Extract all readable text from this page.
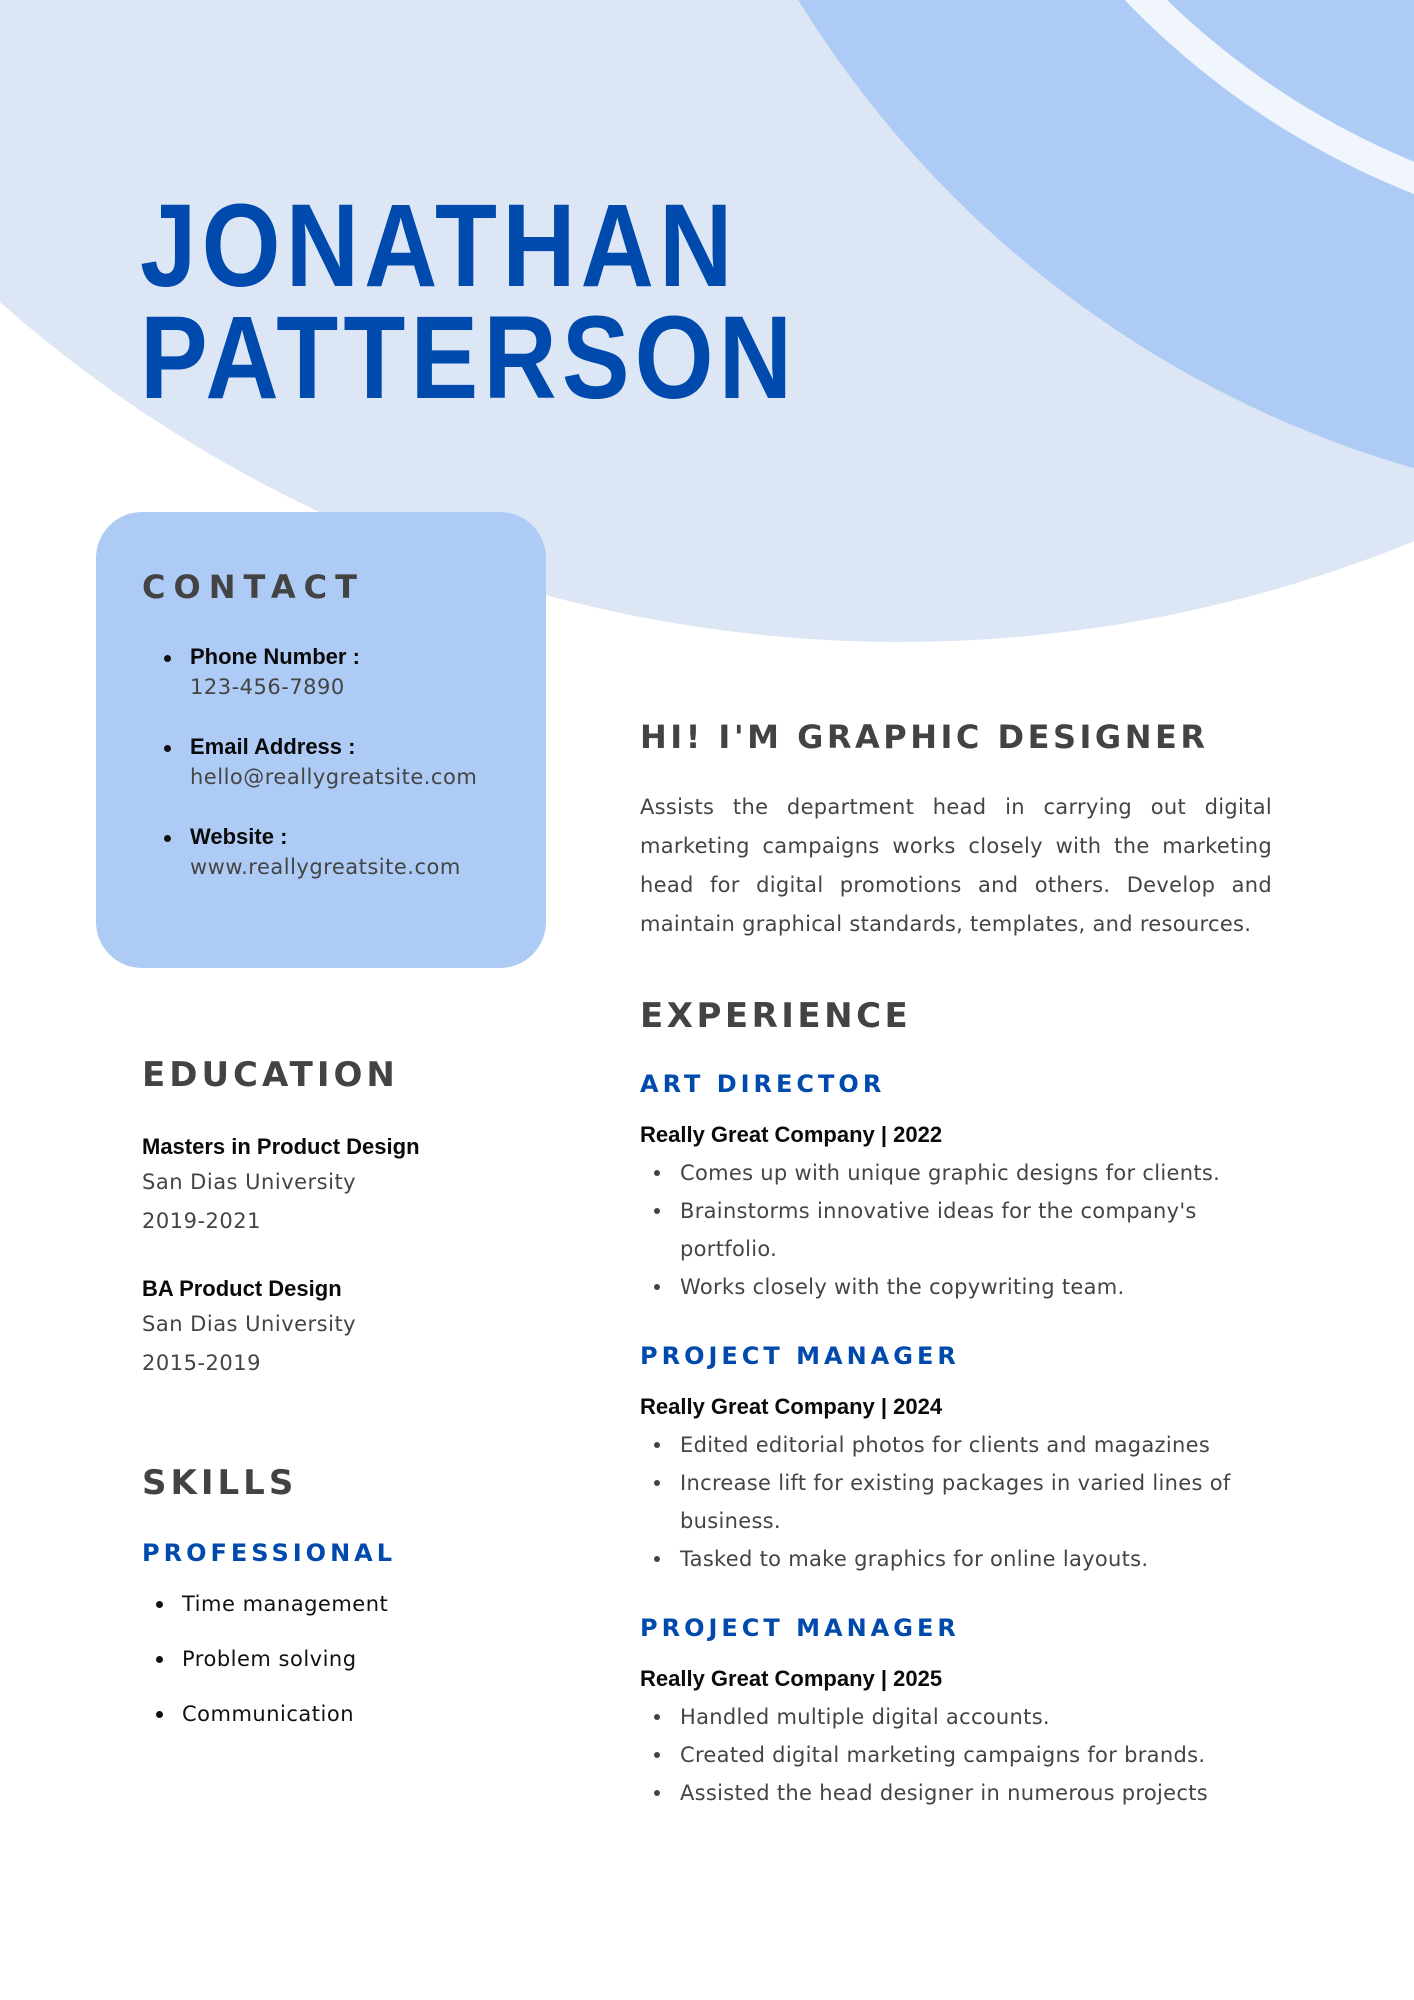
JONATHAN
PATTERSON
CONTACT
Phone Number :
123-456-7890
Email Address :
hello@reallygreatsite.com
Website :
www.reallygreatsite.com
EDUCATION
Masters in Product Design
San Dias University
2019-2021
BA Product Design
San Dias University
2015-2019
SKILLS
PROFESSIONAL
Time management
Problem solving
Communication
HI! I'M GRAPHIC DESIGNER

Assists the department head in carrying out digital marketing campaigns works closely with the marketing head for digital promotions and others. Develop and maintain graphical standards, templates, and resources.

EXPERIENCE
ART DIRECTOR
Really Great Company | 2022
Comes up with unique graphic designs for clients.
Brainstorms innovative ideas for the company's portfolio.
Works closely with the copywriting team.
PROJECT MANAGER
Really Great Company | 2024
Edited editorial photos for clients and magazines
Increase lift for existing packages in varied lines of business.
Tasked to make graphics for online layouts.
PROJECT MANAGER
Really Great Company | 2025
Handled multiple digital accounts.
Created digital marketing campaigns for brands.
Assisted the head designer in numerous projects
